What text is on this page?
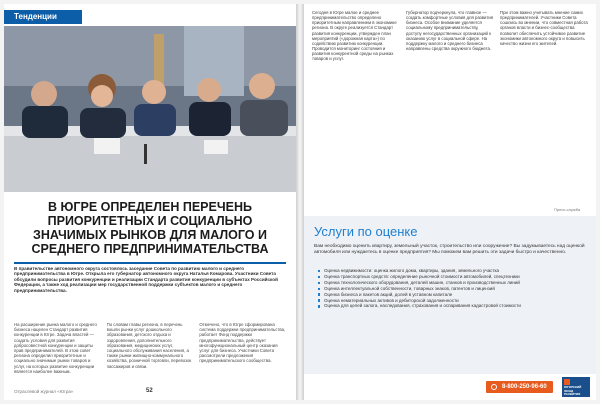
Тенденции
В ЮГРЕ ОПРЕДЕЛЕН ПЕРЕЧЕНЬ ПРИОРИТЕТНЫХ И СОЦИАЛЬНО ЗНАЧИМЫХ РЫНКОВ ДЛЯ МАЛОГО И СРЕДНЕГО ПРЕДПРИНИМАТЕЛЬСТВА
В правительстве автономного округа состоялось заседание Совета по развитию малого и среднего предпринимательства в Югре. Открыла его губернатор автономного округа Наталья Комарова. Участники Совета обсудили вопросы развития конкуренции и реализации Стандарта развития конкуренции в субъектах Российской Федерации, а также ход реализации мер государственной поддержки субъектов малого и среднего предпринимательства.
На расширение рынка малого и среднего бизнеса нацелен Стандарт развития конкуренции в Югре. Задача властей — создать условия для развития добросовестной конкуренции и защиты прав предпринимателей. В этом совет региона определил приоритетные и социально значимые рынки товаров и услуг, на которых развитие конкуренции является наиболее важным.
По словам главы региона, в перечень вошли рынки услуг дошкольного образования, детского отдыха и оздоровления, дополнительного образования, медицинских услуг, социального обслуживания населения, а также рынки жилищно-коммунального хозяйства, розничной торговли, перевозок пассажиров и связи.
Отмечено, что в Югре сформирована система поддержки предпринимательства, работает Фонд поддержки предпринимательства, действует многофункциональный центр оказания услуг для бизнеса. Участники Совета рассмотрели предложения предпринимательского сообщества.
Отраслевой журнал «Югра»	52
Сегодня в Югре малое и среднее предпринимательство определено приоритетным направлением в экономике региона. В округе реализуется Стандарт развития конкуренции, утвержден план мероприятий («дорожная карта») по содействию развитию конкуренции. Проводится мониторинг состояния и развития конкурентной среды на рынках товаров и услуг.
Губернатор подчеркнула, что главное — создать комфортные условия для развития бизнеса. Особое внимание уделяется социальному предпринимательству, доступу негосударственных организаций к оказанию услуг в социальной сфере. На поддержку малого и среднего бизнеса направлены средства окружного бюджета.
При этом важно учитывать мнение самих предпринимателей. Участники Совета сошлись во мнении, что совместная работа органов власти и бизнес-сообщества позволит обеспечить устойчивое развитие экономики автономного округа и повысить качество жизни его жителей.
Пресс-служба
Услуги по оценке
Вам необходимо оценить квартиру, земельный участок, строительство или сооружение? Вы задумываетесь над оценкой автомобиля или нуждаетесь в оценке предприятия? Мы поможем вам решить эти задачи быстро и качественно.
Оценка недвижимости: оценка жилого дома, квартиры, здания, земельного участка
Оценка транспортных средств: определение рыночной стоимости автомобилей, спецтехники
Оценка технологического оборудования, деталей машин, станков и производственных линий
Оценка интеллектуальной собственности, товарных знаков, патентов и лицензий
Оценка бизнеса и пакетов акций, долей в уставном капитале
Оценка нематериальных активов и дебиторской задолженности
Оценка для целей залога, наследования, страхования и оспаривания кадастровой стоимости
8-800-250-96-60	ЮГОРСКИЙ ФОНД РАЗВИТИЯ
